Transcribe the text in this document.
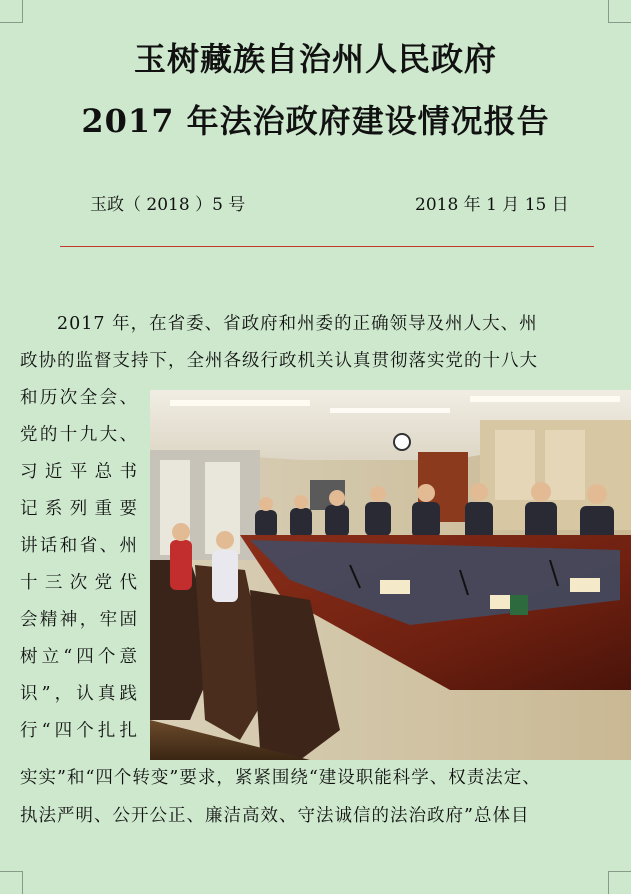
玉树藏族自治州人民政府
2017 年法治政府建设情况报告
玉政（ 2018 ）5 号	2018 年 1 月 15 日
　　2017 年，在省委、省政府和州委的正确领导及州人大、州
政协的监督支持下，全州各级行政机关认真贯彻落实党的十八大
和历次全会、
党的十九大、
习近平总书
记系列重要
讲话和省、州
十三次党代
会精神，牢固
树立“四个意
识”，认真践
行“四个扎扎
实实”和“四个转变”要求，紧紧围绕“建设职能科学、权责法定、
执法严明、公开公正、廉洁高效、守法诚信的法治政府”总体目
